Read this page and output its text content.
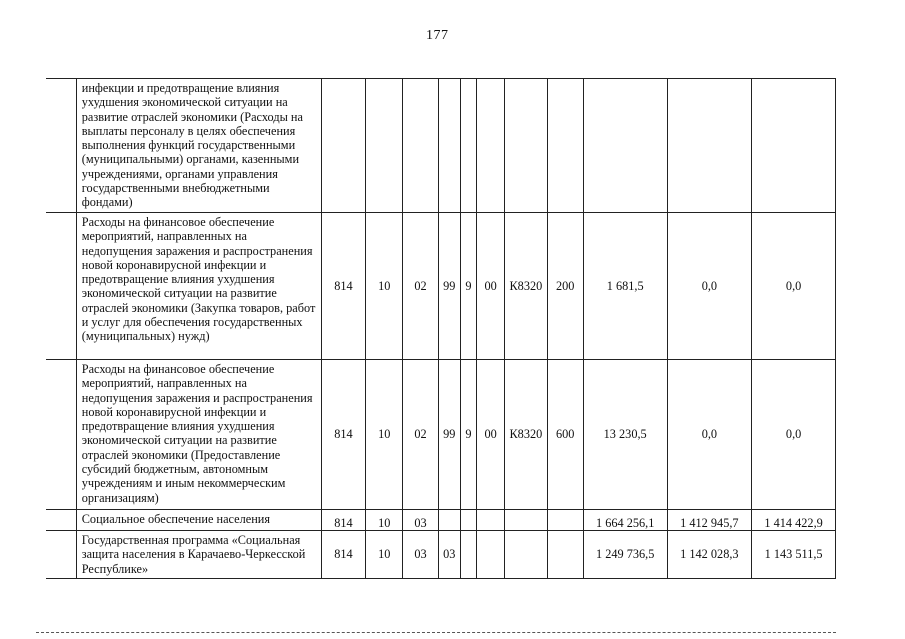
177
	инфекции и предотвращение влияния ухудшения экономической ситуации на развитие отраслей экономики (Расходы на выплаты персоналу в целях обеспечения выполнения функций государственными (муниципальными) органами, казенными учреждениями, органами управления государственными внебюджетными фондами)											
	Расходы на финансовое обеспечение мероприятий, направленных на недопущения заражения и распространения новой коронавирусной инфекции и предотвращение влияния ухудшения экономической ситуации на развитие отраслей экономики (Закупка товаров, работ и услуг для обеспечения государственных (муниципальных) нужд)	814	10	02	99	9	00	К8320	200	1 681,5	0,0	0,0
	Расходы на финансовое обеспечение мероприятий, направленных на недопущения заражения и распространения новой коронавирусной инфекции и предотвращение влияния ухудшения экономической ситуации на развитие отраслей экономики (Предоставление субсидий бюджетным, автономным учреждениям и иным некоммерческим организациям)	814	10	02	99	9	00	К8320	600	13 230,5	0,0	0,0
	Социальное обеспечение населения	814	10	03						1 664 256,1	1 412 945,7	1 414 422,9
	Государственная программа «Социальная защита населения в Карачаево-Черкесской Республике»	814	10	03	03					1 249 736,5	1 142 028,3	1 143 511,5
